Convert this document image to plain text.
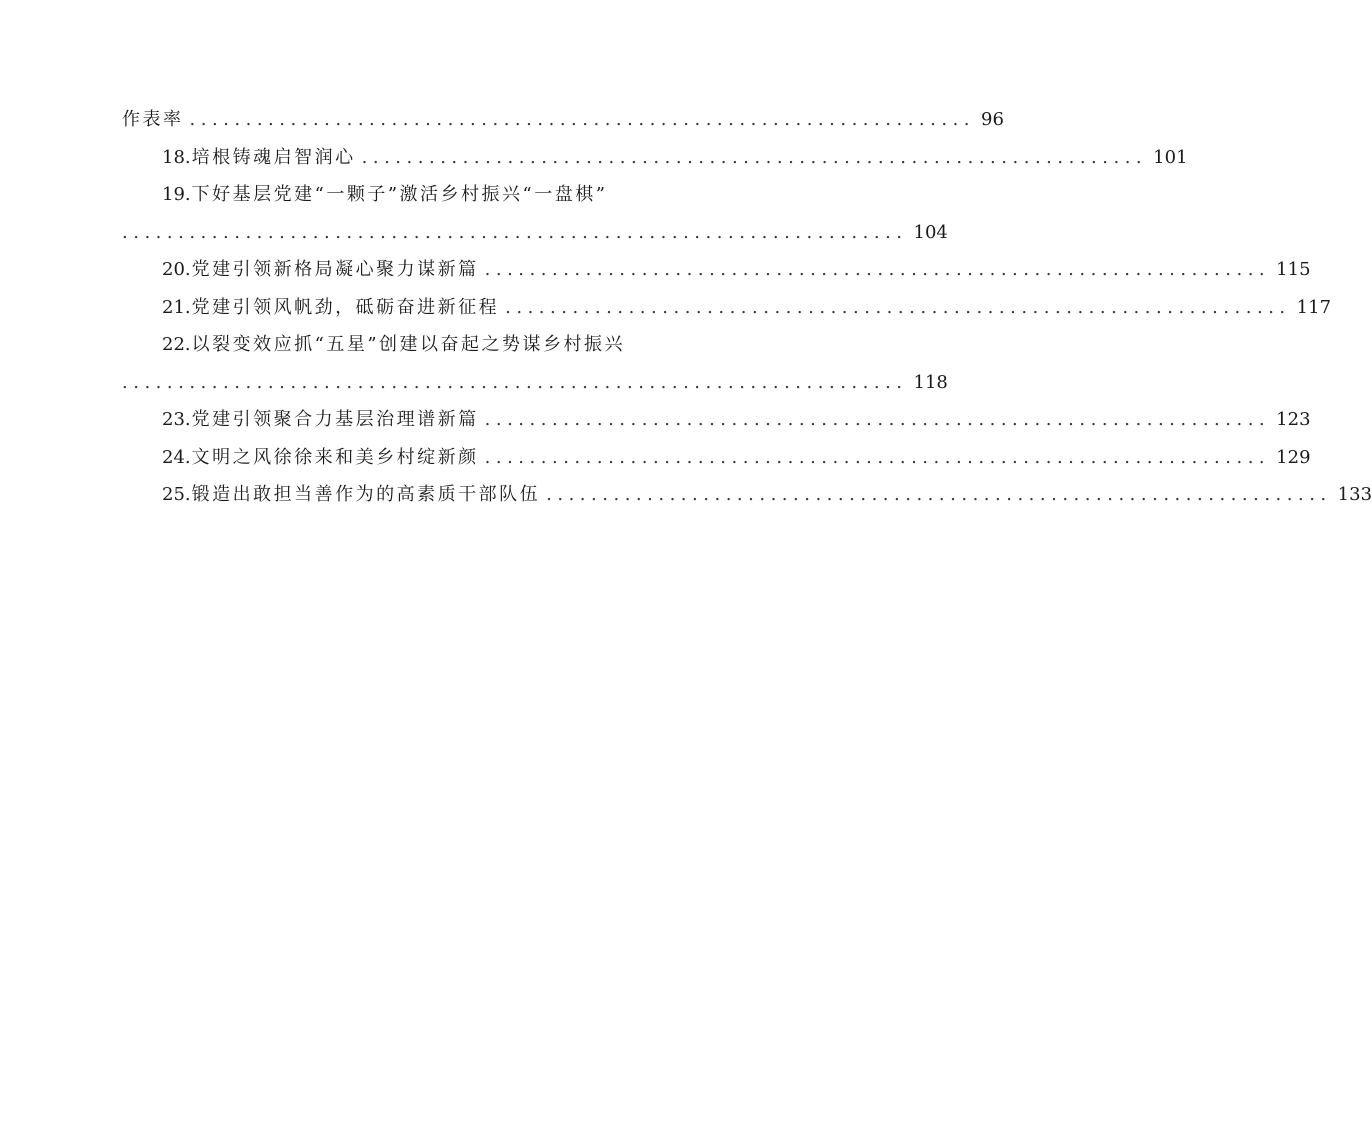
作表率 ...................................................................... 96
18. 培根铸魂启智润心 ...................................................................... 101
19. 下好基层党建“一颗子”激活乡村振兴“一盘棋”
...................................................................... 104
20. 党建引领新格局凝心聚力谋新篇 ...................................................................... 115
21. 党建引领风帆劲，砥砺奋进新征程 ...................................................................... 117
22. 以裂变效应抓“五星”创建以奋起之势谋乡村振兴
...................................................................... 118
23. 党建引领聚合力基层治理谱新篇 ...................................................................... 123
24. 文明之风徐徐来和美乡村绽新颜 ...................................................................... 129
25. 锻造出敢担当善作为的高素质干部队伍 ...................................................................... 133
